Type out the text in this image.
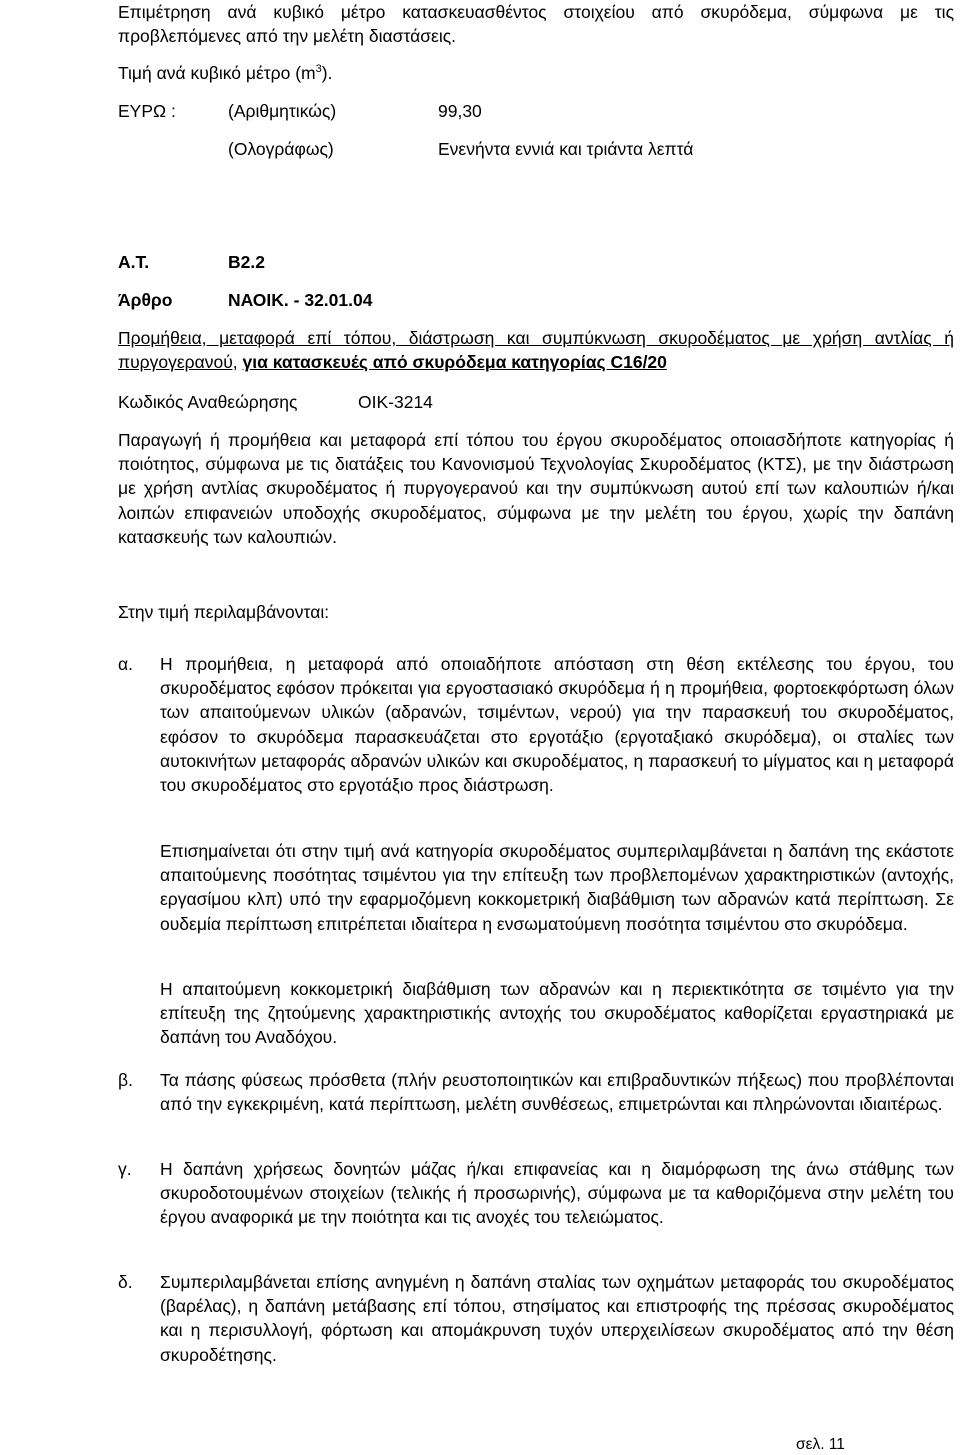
Επιμέτρηση ανά κυβικό μέτρο κατασκευασθέντος στοιχείου από σκυρόδεμα, σύμφωνα με τις προβλεπόμενες από την μελέτη διαστάσεις.
Τιμή ανά κυβικό μέτρο $(m^3)$.
ΕΥΡΩ :	(Αριθμητικώς)	99,30
(Ολογράφως)	Ενενήντα εννιά και τριάντα λεπτά
Α.Τ.	Β2.2
Άρθρο	ΝΑΟΙΚ. - 32.01.04
Προμήθεια, μεταφορά επί τόπου, διάστρωση και συμπύκνωση σκυροδέματος με χρήση αντλίας ή πυργογερανού, για κατασκευές από σκυρόδεμα κατηγορίας C16/20
Κωδικός Αναθεώρησης	ΟΙΚ-3214
Παραγωγή ή προμήθεια και μεταφορά επί τόπου του έργου σκυροδέματος οποιασδήποτε κατηγορίας ή ποιότητος, σύμφωνα με τις διατάξεις του Κανονισμού Τεχνολογίας Σκυροδέματος (ΚΤΣ), με την διάστρωση με χρήση αντλίας σκυροδέματος ή πυργογερανού και την συμπύκνωση αυτού επί των καλουπιών ή/και λοιπών επιφανειών υποδοχής σκυροδέματος, σύμφωνα με την μελέτη του έργου, χωρίς την δαπάνη κατασκευής των καλουπιών.
Στην τιμή περιλαμβάνονται:
α. Η προμήθεια, η μεταφορά από οποιαδήποτε απόσταση στη θέση εκτέλεσης του έργου, του σκυροδέματος εφόσον πρόκειται για εργοστασιακό σκυρόδεμα ή η προμήθεια, φορτοεκφόρτωση όλων των απαιτούμενων υλικών (αδρανών, τσιμέντων, νερού) για την παρασκευή του σκυροδέματος, εφόσον το σκυρόδεμα παρασκευάζεται στο εργοτάξιο (εργοταξιακό σκυρόδεμα), οι σταλίες των αυτοκινήτων μεταφοράς αδρανών υλικών και σκυροδέματος, η παρασκευή το μίγματος και η μεταφορά του σκυροδέματος στο εργοτάξιο προς διάστρωση.
Επισημαίνεται ότι στην τιμή ανά κατηγορία σκυροδέματος συμπεριλαμβάνεται η δαπάνη της εκάστοτε απαιτούμενης ποσότητας τσιμέντου για την επίτευξη των προβλεπομένων χαρακτηριστικών (αντοχής, εργασίμου κλπ) υπό την εφαρμοζόμενη κοκκομετρική διαβάθμιση των αδρανών κατά περίπτωση. Σε ουδεμία περίπτωση επιτρέπεται ιδιαίτερα η ενσωματούμενη ποσότητα τσιμέντου στο σκυρόδεμα.
Η απαιτούμενη κοκκομετρική διαβάθμιση των αδρανών και η περιεκτικότητα σε τσιμέντο για την επίτευξη της ζητούμενης χαρακτηριστικής αντοχής του σκυροδέματος καθορίζεται εργαστηριακά με δαπάνη του Αναδόχου.
β. Τα πάσης φύσεως πρόσθετα (πλήν ρευστοποιητικών και επιβραδυντικών πήξεως) που προβλέπονται από την εγκεκριμένη, κατά περίπτωση, μελέτη συνθέσεως, επιμετρώνται και πληρώνονται ιδιαιτέρως.
γ. Η δαπάνη χρήσεως δονητών μάζας ή/και επιφανείας και η διαμόρφωση της άνω στάθμης των σκυροδοτουμένων στοιχείων (τελικής ή προσωρινής), σύμφωνα με τα καθοριζόμενα στην μελέτη του έργου αναφορικά με την ποιότητα και τις ανοχές του τελειώματος.
δ. Συμπεριλαμβάνεται επίσης ανηγμένη η δαπάνη σταλίας των οχημάτων μεταφοράς του σκυροδέματος (βαρέλας), η δαπάνη μετάβασης επί τόπου, στησίματος και επιστροφής της πρέσσας σκυροδέματος και η περισυλλογή, φόρτωση και απομάκρυνση τυχόν υπερχειλίσεων σκυροδέματος από την θέση σκυροδέτησης.
σελ. 11
